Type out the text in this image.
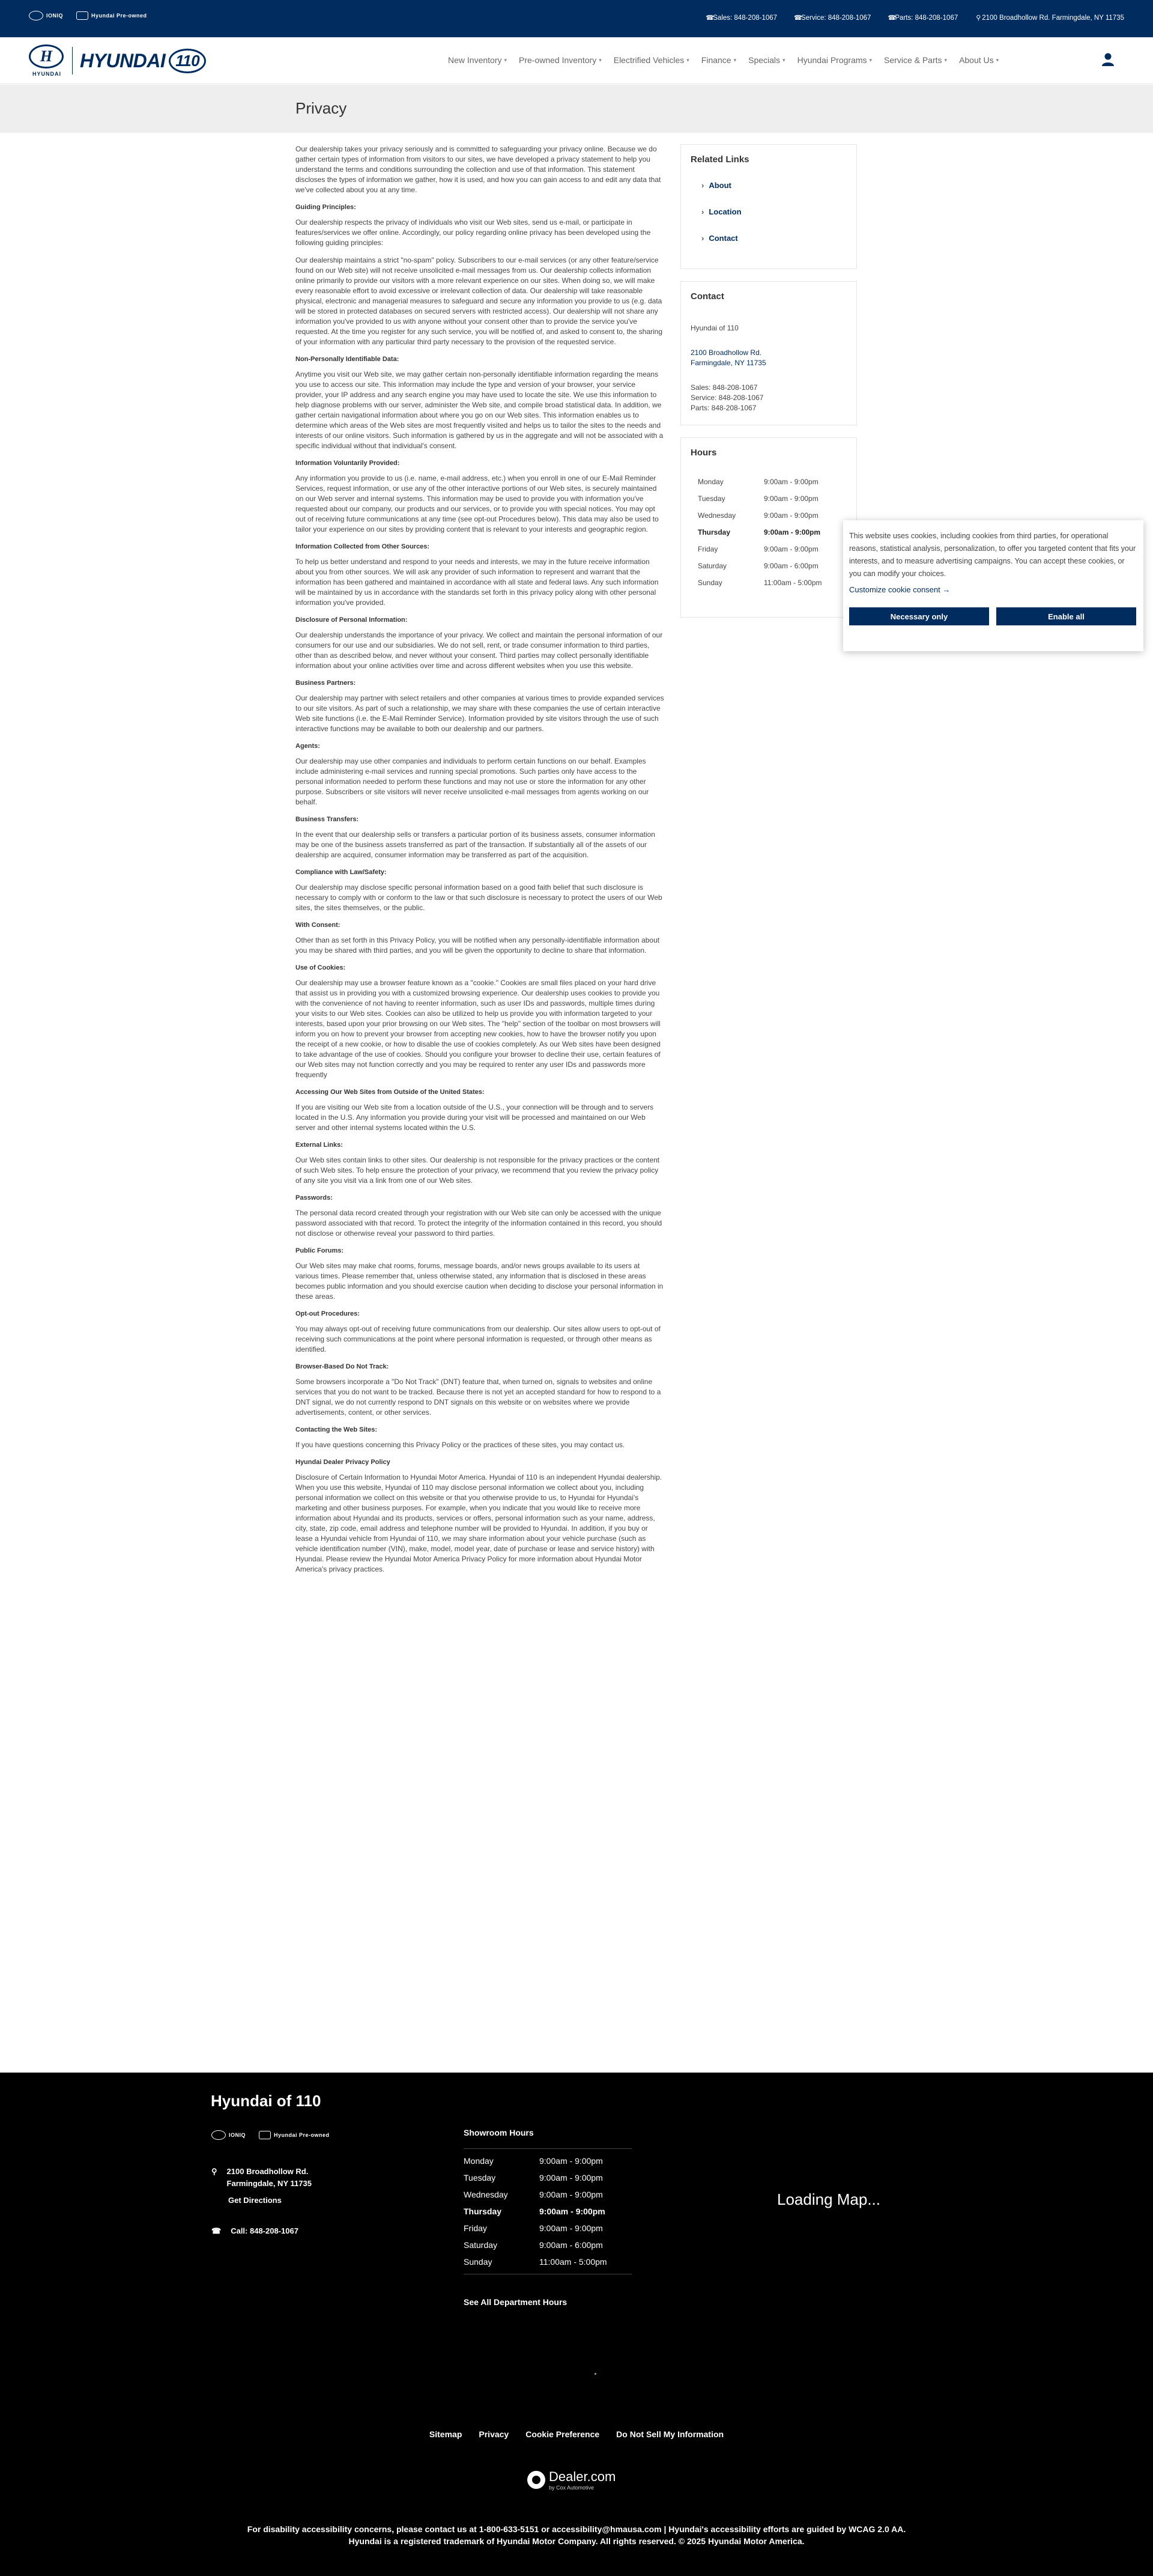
IONIQ	Hyundai Pre-owned	☎Sales: 848-208-1067	☎Service: 848-208-1067	☎Parts: 848-208-1067	⚲ 2100 Broadhollow Rd. Farmingdale, NY 11735
H
HYUNDAI
HYUNDAI 110	New Inventory ▾ Pre-owned Inventory ▾ Electrified Vehicles ▾ Finance ▾ Specials ▾ Hyundai Programs ▾ Service & Parts ▾ About Us ▾
Privacy

Our dealership takes your privacy seriously and is committed to safeguarding your privacy online. Because we do gather certain types of information from visitors to our sites, we have developed a privacy statement to help you understand the terms and conditions surrounding the collection and use of that information. This statement discloses the types of information we gather, how it is used, and how you can gain access to and edit any data that we've collected about you at any time.

Guiding Principles:

Our dealership respects the privacy of individuals who visit our Web sites, send us e-mail, or participate in features/services we offer online. Accordingly, our policy regarding online privacy has been developed using the following guiding principles:

Our dealership maintains a strict "no-spam" policy. Subscribers to our e-mail services (or any other feature/service found on our Web site) will not receive unsolicited e-mail messages from us. Our dealership collects information online primarily to provide our visitors with a more relevant experience on our sites. When doing so, we will make every reasonable effort to avoid excessive or irrelevant collection of data. Our dealership will take reasonable physical, electronic and managerial measures to safeguard and secure any information you provide to us (e.g. data will be stored in protected databases on secured servers with restricted access). Our dealership will not share any information you've provided to us with anyone without your consent other than to provide the service you've requested. At the time you register for any such service, you will be notified of, and asked to consent to, the sharing of your information with any particular third party necessary to the provision of the requested service.

Non-Personally Identifiable Data:

Anytime you visit our Web site, we may gather certain non-personally identifiable information regarding the means you use to access our site. This information may include the type and version of your browser, your service provider, your IP address and any search engine you may have used to locate the site. We use this information to help diagnose problems with our server, administer the Web site, and compile broad statistical data. In addition, we gather certain navigational information about where you go on our Web sites. This information enables us to determine which areas of the Web sites are most frequently visited and helps us to tailor the sites to the needs and interests of our online visitors. Such information is gathered by us in the aggregate and will not be associated with a specific individual without that individual's consent.

Information Voluntarily Provided:

Any information you provide to us (i.e. name, e-mail address, etc.) when you enroll in one of our E-Mail Reminder Services, request information, or use any of the other interactive portions of our Web sites, is securely maintained on our Web server and internal systems. This information may be used to provide you with information you've requested about our company, our products and our services, or to provide you with special notices. You may opt out of receiving future communications at any time (see opt-out Procedures below). This data may also be used to tailor your experience on our sites by providing content that is relevant to your interests and geographic region.

Information Collected from Other Sources:

To help us better understand and respond to your needs and interests, we may in the future receive information about you from other sources. We will ask any provider of such information to represent and warrant that the information has been gathered and maintained in accordance with all state and federal laws. Any such information will be maintained by us in accordance with the standards set forth in this privacy policy along with other personal information you've provided.

Disclosure of Personal Information:

Our dealership understands the importance of your privacy. We collect and maintain the personal information of our consumers for our use and our subsidiaries. We do not sell, rent, or trade consumer information to third parties, other than as described below, and never without your consent. Third parties may collect personally identifiable information about your online activities over time and across different websites when you use this website.

Business Partners:

Our dealership may partner with select retailers and other companies at various times to provide expanded services to our site visitors. As part of such a relationship, we may share with these companies the use of certain interactive Web site functions (i.e. the E-Mail Reminder Service). Information provided by site visitors through the use of such interactive functions may be available to both our dealership and our partners.

Agents:

Our dealership may use other companies and individuals to perform certain functions on our behalf. Examples include administering e-mail services and running special promotions. Such parties only have access to the personal information needed to perform these functions and may not use or store the information for any other purpose. Subscribers or site visitors will never receive unsolicited e-mail messages from agents working on our behalf.

Business Transfers:

In the event that our dealership sells or transfers a particular portion of its business assets, consumer information may be one of the business assets transferred as part of the transaction. If substantially all of the assets of our dealership are acquired, consumer information may be transferred as part of the acquisition.

Compliance with Law/Safety:

Our dealership may disclose specific personal information based on a good faith belief that such disclosure is necessary to comply with or conform to the law or that such disclosure is necessary to protect the users of our Web sites, the sites themselves, or the public.

With Consent:

Other than as set forth in this Privacy Policy, you will be notified when any personally-identifiable information about you may be shared with third parties, and you will be given the opportunity to decline to share that information.

Use of Cookies:

Our dealership may use a browser feature known as a "cookie." Cookies are small files placed on your hard drive that assist us in providing you with a customized browsing experience. Our dealership uses cookies to provide you with the convenience of not having to reenter information, such as user IDs and passwords, multiple times during your visits to our Web sites. Cookies can also be utilized to help us provide you with information targeted to your interests, based upon your prior browsing on our Web sites. The "help" section of the toolbar on most browsers will inform you on how to prevent your browser from accepting new cookies, how to have the browser notify you upon the receipt of a new cookie, or how to disable the use of cookies completely. As our Web sites have been designed to take advantage of the use of cookies. Should you configure your browser to decline their use, certain features of our Web sites may not function correctly and you may be required to renter any user IDs and passwords more frequently

Accessing Our Web Sites from Outside of the United States:

If you are visiting our Web site from a location outside of the U.S., your connection will be through and to servers located in the U.S. Any information you provide during your visit will be processed and maintained on our Web server and other internal systems located within the U.S.

External Links:

Our Web sites contain links to other sites. Our dealership is not responsible for the privacy practices or the content of such Web sites. To help ensure the protection of your privacy, we recommend that you review the privacy policy of any site you visit via a link from one of our Web sites.

Passwords:

The personal data record created through your registration with our Web site can only be accessed with the unique password associated with that record. To protect the integrity of the information contained in this record, you should not disclose or otherwise reveal your password to third parties.

Public Forums:

Our Web sites may make chat rooms, forums, message boards, and/or news groups available to its users at various times. Please remember that, unless otherwise stated, any information that is disclosed in these areas becomes public information and you should exercise caution when deciding to disclose your personal information in these areas.

Opt-out Procedures:

You may always opt-out of receiving future communications from our dealership. Our sites allow users to opt-out of receiving such communications at the point where personal information is requested, or through other means as identified.

Browser-Based Do Not Track:

Some browsers incorporate a "Do Not Track" (DNT) feature that, when turned on, signals to websites and online services that you do not want to be tracked. Because there is not yet an accepted standard for how to respond to a DNT signal, we do not currently respond to DNT signals on this website or on websites where we provide advertisements, content, or other services.

Contacting the Web Sites:

If you have questions concerning this Privacy Policy or the practices of these sites, you may contact us.

Hyundai Dealer Privacy Policy

Disclosure of Certain Information to Hyundai Motor America. Hyundai of 110 is an independent Hyundai dealership. When you use this website, Hyundai of 110 may disclose personal information we collect about you, including personal information we collect on this website or that you otherwise provide to us, to Hyundai for Hyundai's marketing and other business purposes. For example, when you indicate that you would like to receive more information about Hyundai and its products, services or offers, personal information such as your name, address, city, state, zip code, email address and telephone number will be provided to Hyundai. In addition, if you buy or lease a Hyundai vehicle from Hyundai of 110, we may share information about your vehicle purchase (such as vehicle identification number (VIN), make, model, model year, date of purchase or lease and service history) with Hyundai. Please review the Hyundai Motor America Privacy Policy for more information about Hyundai Motor America's privacy practices.

Related Links
› About
› Location
› Contact
Contact
Hyundai of 110
2100 Broadhollow Rd.
Farmingdale, NY 11735
Sales: 848-208-1067
Service: 848-208-1067
Parts: 848-208-1067
Hours
Monday	9:00am - 9:00pm
Tuesday	9:00am - 9:00pm
Wednesday	9:00am - 9:00pm
Thursday	9:00am - 9:00pm
Friday	9:00am - 9:00pm
Saturday	9:00am - 6:00pm
Sunday	11:00am - 5:00pm

This website uses cookies, including cookies from third parties, for operational reasons, statistical analysis, personalization, to offer you targeted content that fits your interests, and to measure advertising campaigns. You can accept these cookies, or you can modify your choices.

Customize cookie consent →
Necessary only	Enable all
Hyundai of 110
IONIQ	Hyundai Pre-owned
⚲ 2100 Broadhollow Rd.
Farmingdale, NY 11735
Get Directions
☎ Call: 848-208-1067
Showroom Hours
Monday	9:00am - 9:00pm
Tuesday	9:00am - 9:00pm
Wednesday	9:00am - 9:00pm
Thursday	9:00am - 9:00pm
Friday	9:00am - 9:00pm
Saturday	9:00am - 6:00pm
Sunday	11:00am - 5:00pm
See All Department Hours
Loading Map...
Sitemap Privacy Cookie Preference Do Not Sell My Information
Dealer.com
by Cox Automotive
For disability accessibility concerns, please contact us at 1-800-633-5151 or accessibility@hmausa.com | Hyundai's accessibility efforts are guided by WCAG 2.0 AA.
Hyundai is a registered trademark of Hyundai Motor Company. All rights reserved. © 2025 Hyundai Motor America.
